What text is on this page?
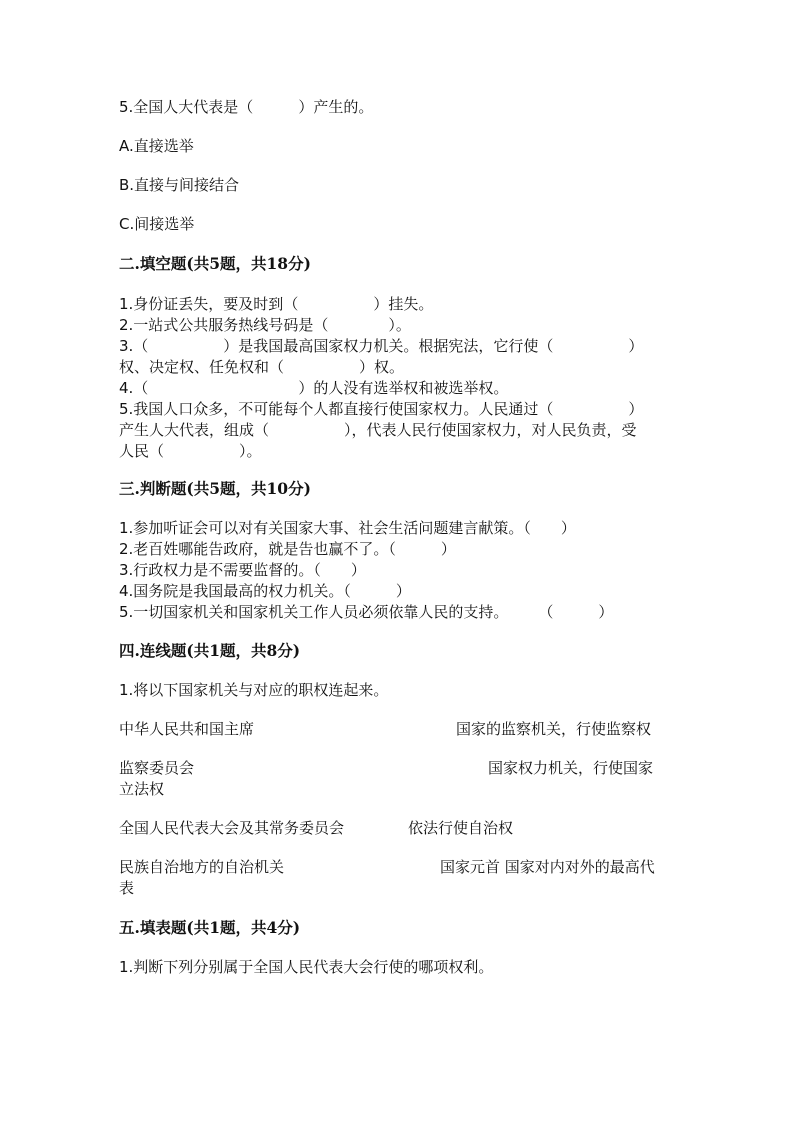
5.全国人大代表是（　　　）产生的。
A.直接选举
B.直接与间接结合
C.间接选举
二.填空题(共5题，共18分)
1.身份证丢失，要及时到（　　　　　）挂失。
2.一站式公共服务热线号码是（　　　　）。
3.（　　　　　）是我国最高国家权力机关。根据宪法，它行使（　　　　　）
权、决定权、任免权和（　　　　　）权。
4.（　　　　　　　　　　）的人没有选举权和被选举权。
5.我国人口众多，不可能每个人都直接行使国家权力。人民通过（　　　　　）
产生人大代表，组成（　　　　　），代表人民行使国家权力，对人民负责，受
人民（　　　　　）。
三.判断题(共5题，共10分)
1.参加听证会可以对有关国家大事、社会生活问题建言献策。（　　）
2.老百姓哪能告政府，就是告也赢不了。（　　　）
3.行政权力是不需要监督的。（　　）
4.国务院是我国最高的权力机关。（　　　）
5.一切国家机关和国家机关工作人员必须依靠人民的支持。　　　（　　　）
四.连线题(共1题，共8分)
1.将以下国家机关与对应的职权连起来。
中华人民共和国主席	国家的监察机关，行使监察权
监察委员会	国家权力机关，行使国家
立法权
全国人民代表大会及其常务委员会	依法行使自治权
民族自治地方的自治机关	国家元首 国家对内对外的最高代
表
五.填表题(共1题，共4分)
1.判断下列分别属于全国人民代表大会行使的哪项权利。
